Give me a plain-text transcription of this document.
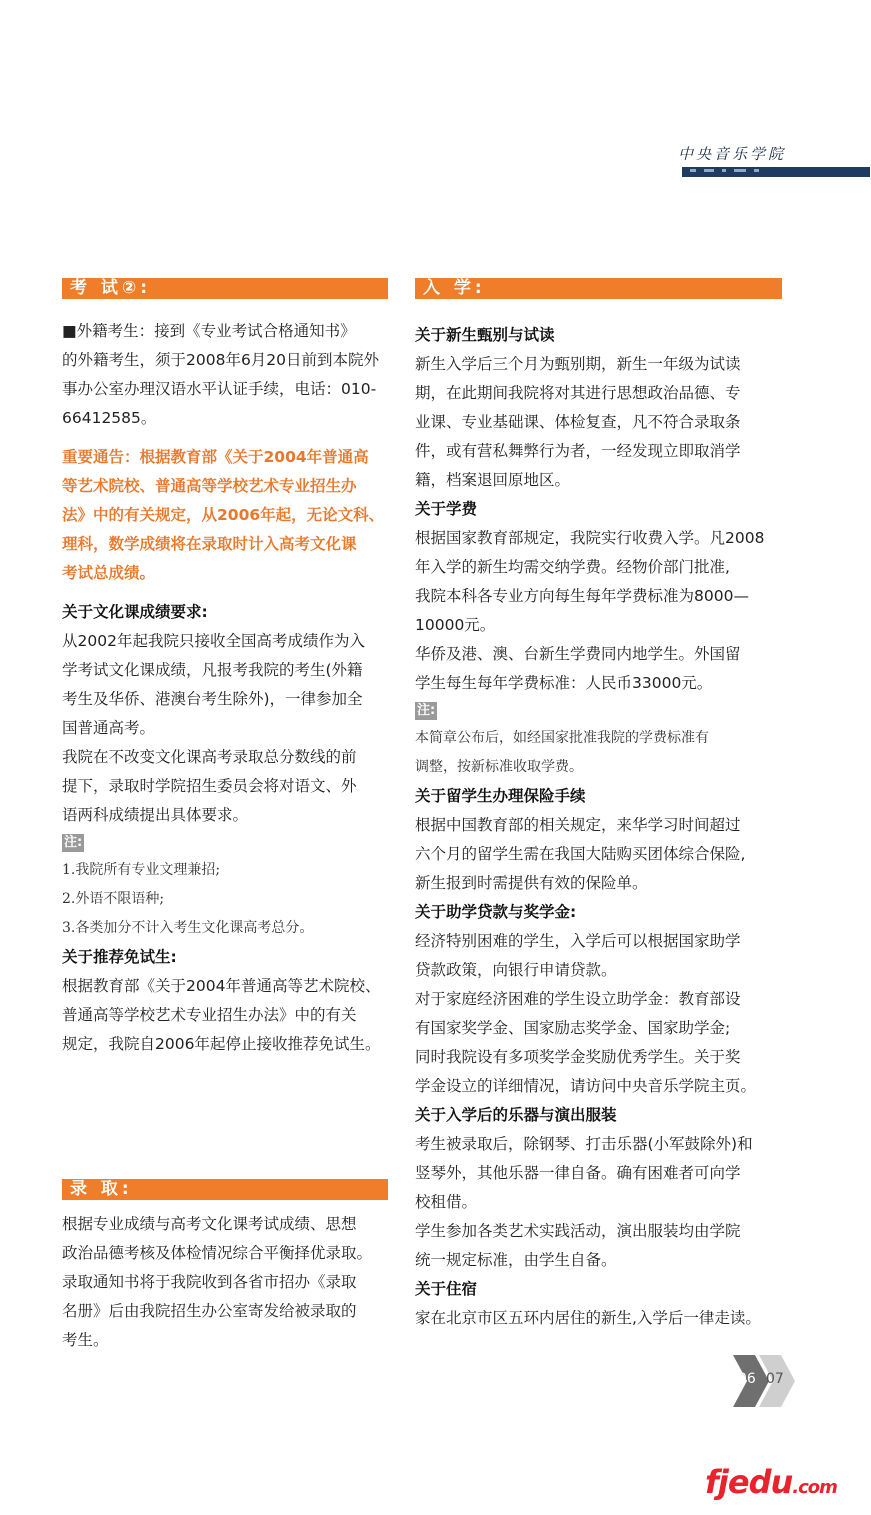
中央音乐学院
考 试②:

■外籍考生：接到《专业考试合格通知书》

的外籍考生，须于2008年6月20日前到本院外

事办公室办理汉语水平认证手续，电话：010-

66412585。

重要通告：根据教育部《关于2004年普通高

等艺术院校、普通高等学校艺术专业招生办

法》中的有关规定，从2006年起，无论文科、

理科，数学成绩将在录取时计入高考文化课

考试总成绩。

关于文化课成绩要求:

从2002年起我院只接收全国高考成绩作为入

学考试文化课成绩，凡报考我院的考生(外籍

考生及华侨、港澳台考生除外)，一律参加全

国普通高考。

我院在不改变文化课高考录取总分数线的前

提下，录取时学院招生委员会将对语文、外

语两科成绩提出具体要求。

注:

1.我院所有专业文理兼招;

2.外语不限语种;

3.各类加分不计入考生文化课高考总分。

关于推荐免试生:

根据教育部《关于2004年普通高等艺术院校、

普通高等学校艺术专业招生办法》中的有关

规定，我院自2006年起停止接收推荐免试生。

录 取:

根据专业成绩与高考文化课考试成绩、思想

政治品德考核及体检情况综合平衡择优录取。

录取通知书将于我院收到各省市招办《录取

名册》后由我院招生办公室寄发给被录取的

考生。

入 学:

关于新生甄别与试读

新生入学后三个月为甄别期，新生一年级为试读

期，在此期间我院将对其进行思想政治品德、专

业课、专业基础课、体检复查，凡不符合录取条

件，或有营私舞弊行为者，一经发现立即取消学

籍，档案退回原地区。

关于学费

根据国家教育部规定，我院实行收费入学。凡2008

年入学的新生均需交纳学费。经物价部门批准,

我院本科各专业方向每生每年学费标准为8000—

10000元。

华侨及港、澳、台新生学费同内地学生。外国留

学生每生每年学费标准：人民币33000元。

注:

本简章公布后，如经国家批准我院的学费标准有

调整，按新标准收取学费。

关于留学生办理保险手续

根据中国教育部的相关规定，来华学习时间超过

六个月的留学生需在我国大陆购买团体综合保险,

新生报到时需提供有效的保险单。

关于助学贷款与奖学金:

经济特别困难的学生，入学后可以根据国家助学

贷款政策，向银行申请贷款。

对于家庭经济困难的学生设立助学金：教育部设

有国家奖学金、国家励志奖学金、国家助学金;

同时我院设有多项奖学金奖励优秀学生。关于奖

学金设立的详细情况，请访问中央音乐学院主页。

关于入学后的乐器与演出服装

考生被录取后，除钢琴、打击乐器(小军鼓除外)和

竖琴外，其他乐器一律自备。确有困难者可向学

校租借。

学生参加各类艺术实践活动，演出服装均由学院

统一规定标准，由学生自备。

关于住宿

家在北京市区五环内居住的新生,入学后一律走读。

06 07
fjedu.com
